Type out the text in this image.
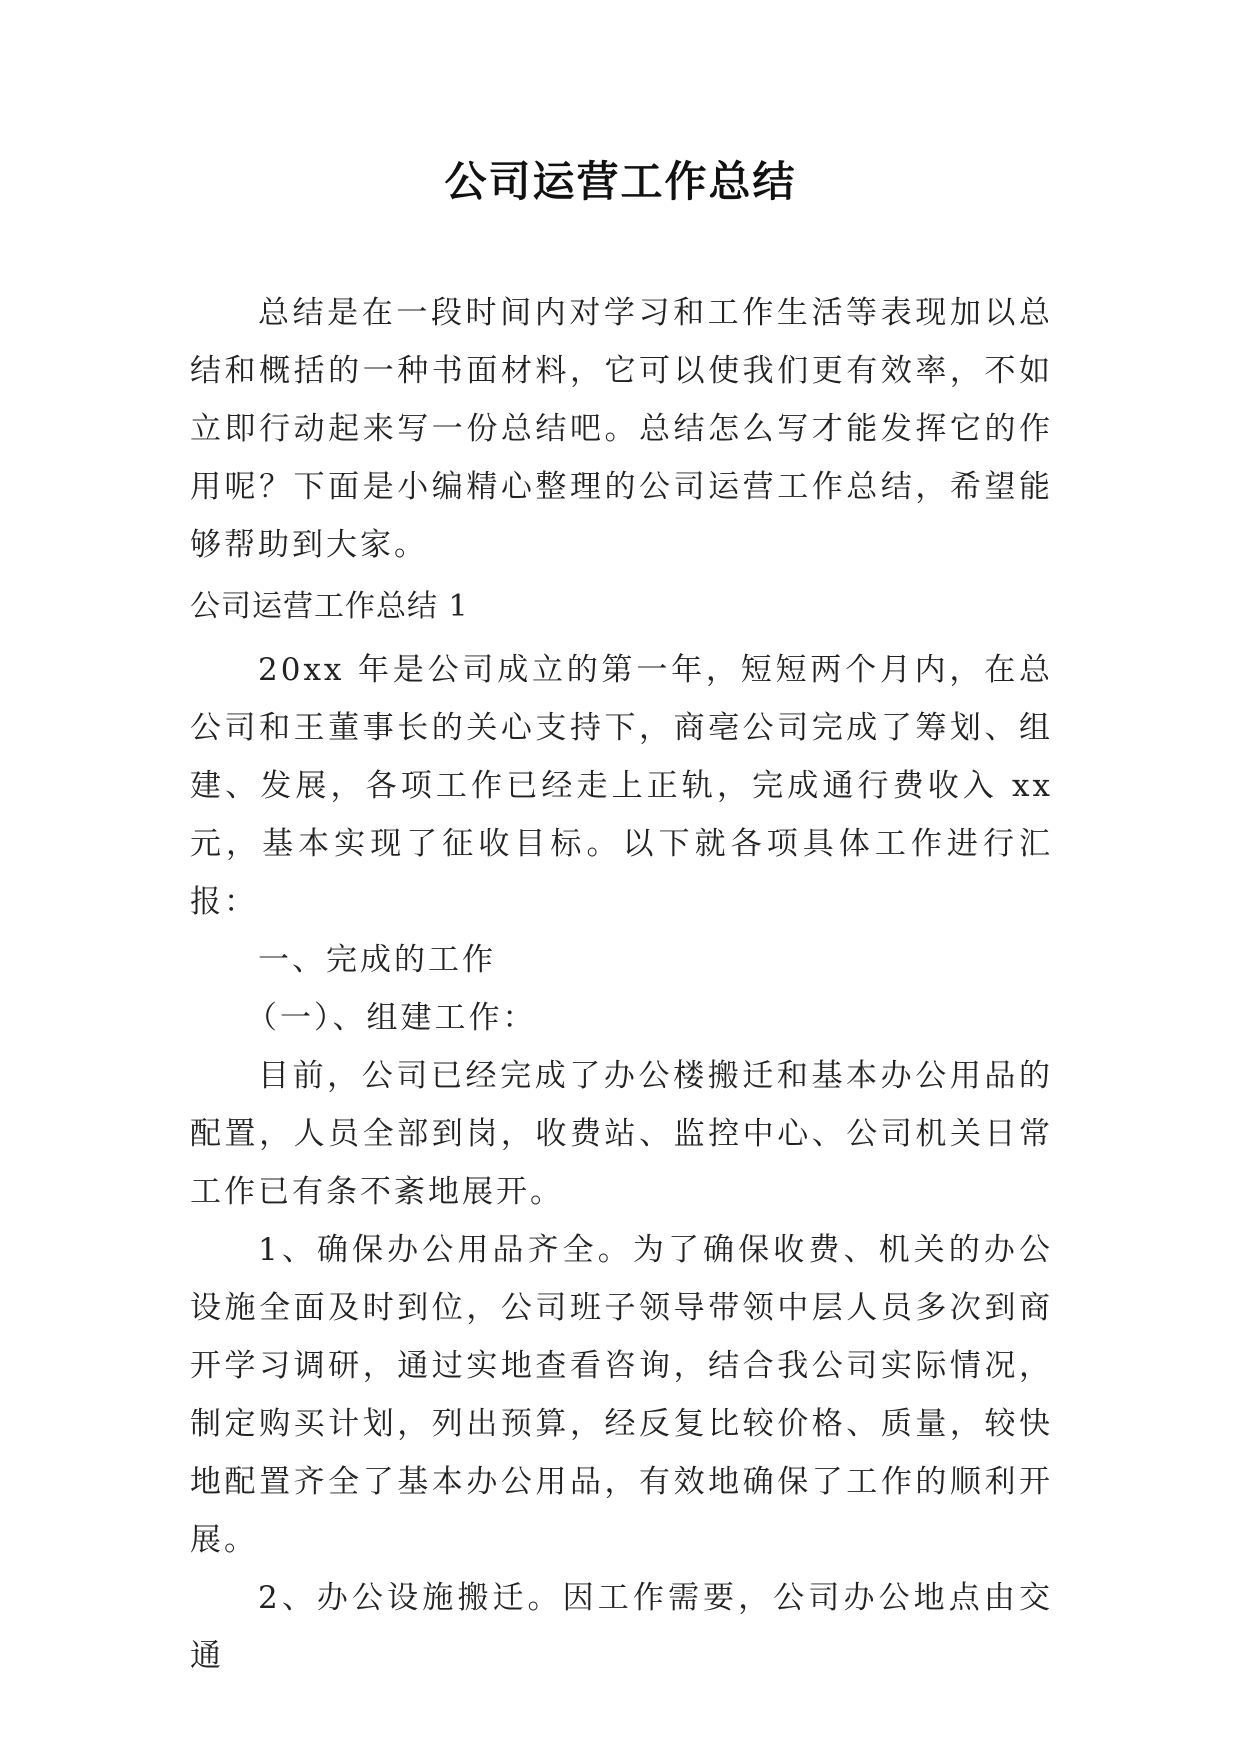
公司运营工作总结

总结是在一段时间内对学习和工作生活等表现加以总结和概括的一种书面材料，它可以使我们更有效率，不如立即行动起来写一份总结吧。总结怎么写才能发挥它的作用呢？下面是小编精心整理的公司运营工作总结，希望能够帮助到大家。

公司运营工作总结 1

20xx 年是公司成立的第一年，短短两个月内，在总公司和王董事长的关心支持下，商亳公司完成了筹划、组建、发展，各项工作已经走上正轨，完成通行费收入 xx 元，基本实现了征收目标。以下就各项具体工作进行汇报：

一、完成的工作

（一）、组建工作：

目前，公司已经完成了办公楼搬迁和基本办公用品的配置，人员全部到岗，收费站、监控中心、公司机关日常工作已有条不紊地展开。

1、确保办公用品齐全。为了确保收费、机关的办公设施全面及时到位，公司班子领导带领中层人员多次到商开学习调研，通过实地查看咨询，结合我公司实际情况，制定购买计划，列出预算，经反复比较价格、质量，较快地配置齐全了基本办公用品，有效地确保了工作的顺利开展。

2、办公设施搬迁。因工作需要，公司办公地点由交通
